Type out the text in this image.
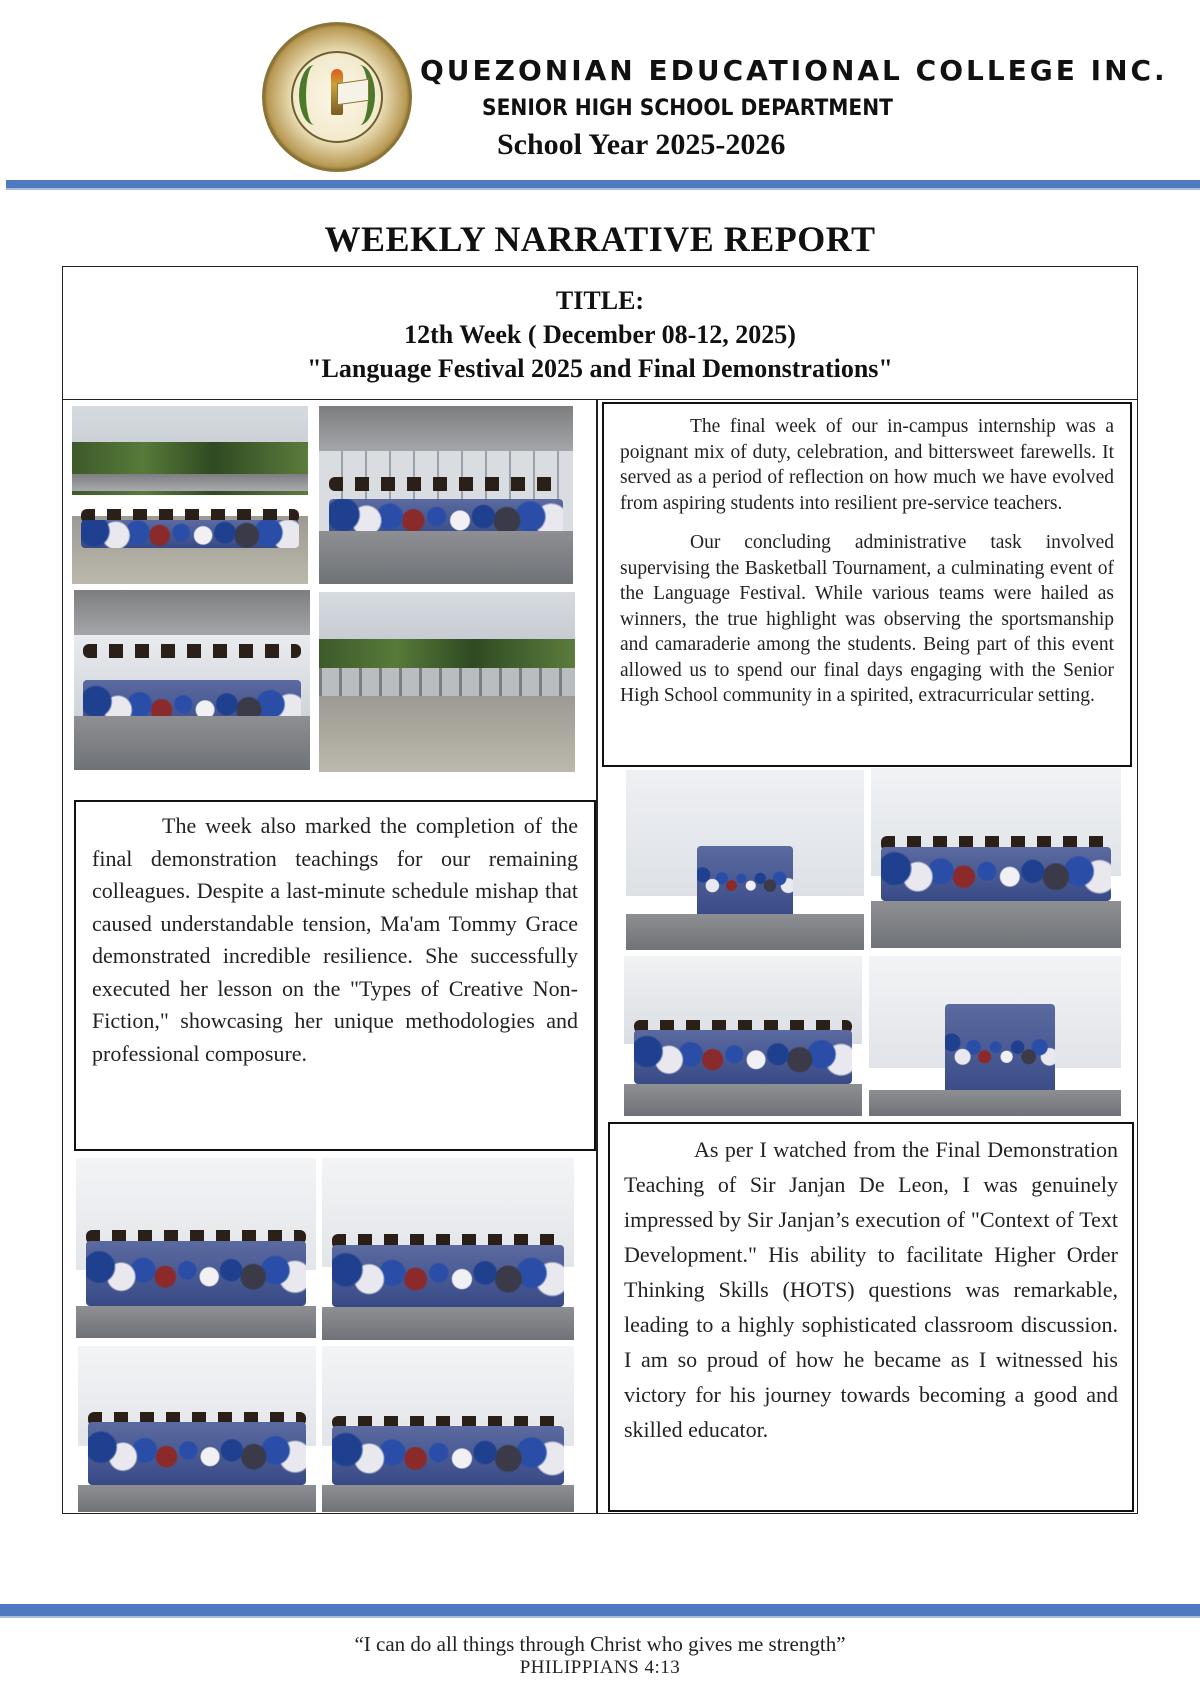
QUEZONIAN EDUCATIONAL COLLEGE INC.
SENIOR HIGH SCHOOL DEPARTMENT
School Year 2025-2026
WEEKLY NARRATIVE REPORT
TITLE:
12th Week ( December 08-12, 2025)
"Language Festival 2025 and Final Demonstrations"

The final week of our in-campus internship was a poignant mix of duty, celebration, and bittersweet farewells. It served as a period of reflection on how much we have evolved from aspiring students into resilient pre-service teachers.

Our concluding administrative task involved supervising the Basketball Tournament, a culminating event of the Language Festival. While various teams were hailed as winners, the true highlight was observing the sportsmanship and camaraderie among the students. Being part of this event allowed us to spend our final days engaging with the Senior High School community in a spirited, extracurricular setting.

The week also marked the completion of the final demonstration teachings for our remaining colleagues. Despite a last-minute schedule mishap that caused understandable tension, Ma'am Tommy Grace demonstrated incredible resilience. She successfully executed her lesson on the "Types of Creative Non-Fiction," showcasing her unique methodologies and professional composure.

As per I watched from the Final Demonstration Teaching of Sir Janjan De Leon, I was genuinely impressed by Sir Janjan’s execution of "Context of Text Development." His ability to facilitate Higher Order Thinking Skills (HOTS) questions was remarkable, leading to a highly sophisticated classroom discussion. I am so proud of how he became as I witnessed his victory for his journey towards becoming a good and skilled educator.

“I can do all things through Christ who gives me strength”
PHILIPPIANS 4:13
